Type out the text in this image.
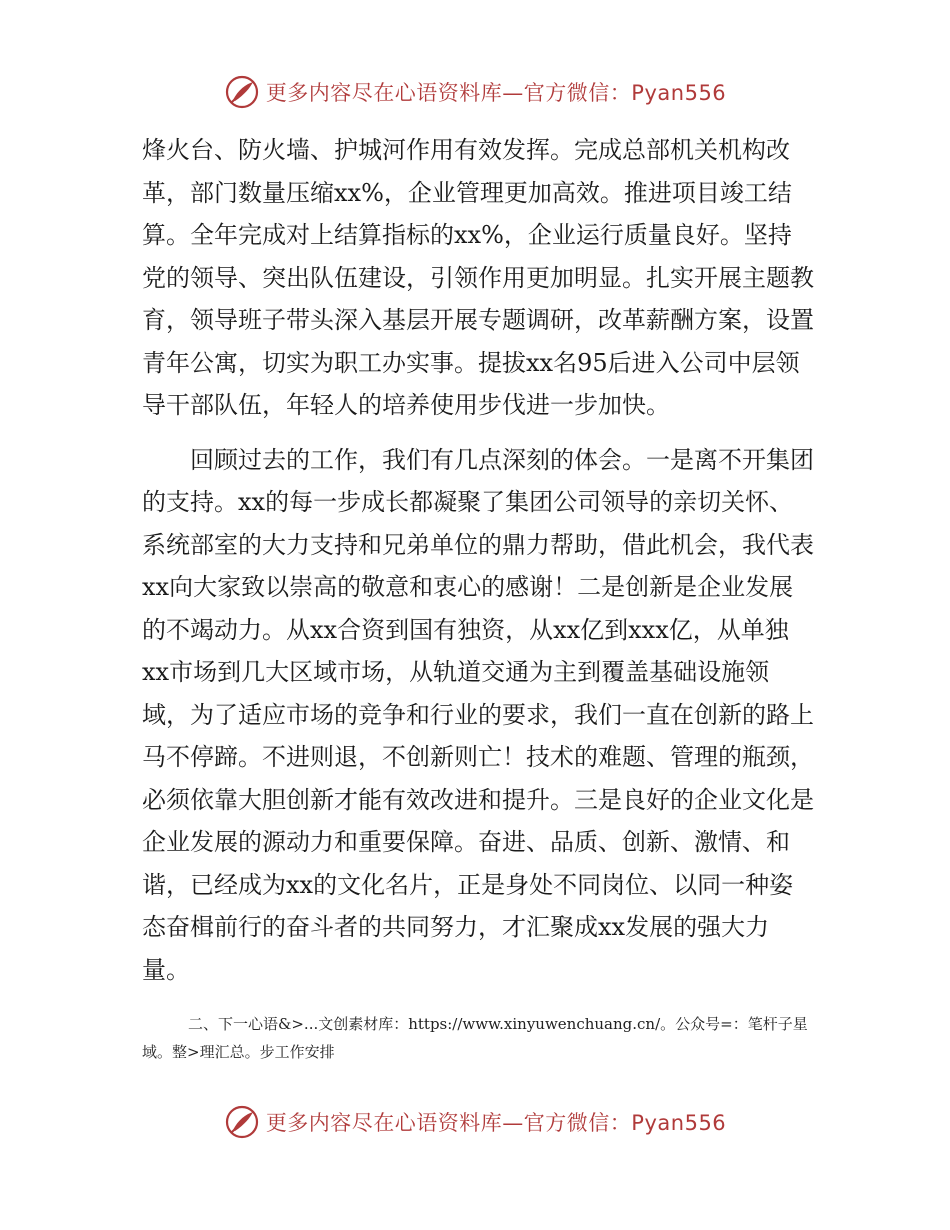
更多内容尽在心语资料库—官方微信：Pyan556

烽火台、防火墙、护城河作用有效发挥。完成总部机关机构改革，部门数量压缩xx%，企业管理更加高效。推进项目竣工结算。全年完成对上结算指标的xx%，企业运行质量良好。坚持党的领导、突出队伍建设，引领作用更加明显。扎实开展主题教育，领导班子带头深入基层开展专题调研，改革薪酬方案，设置青年公寓，切实为职工办实事。提拔xx名95后进入公司中层领导干部队伍，年轻人的培养使用步伐进一步加快。

回顾过去的工作，我们有几点深刻的体会。一是离不开集团的支持。xx的每一步成长都凝聚了集团公司领导的亲切关怀、系统部室的大力支持和兄弟单位的鼎力帮助，借此机会，我代表xx向大家致以崇高的敬意和衷心的感谢！二是创新是企业发展的不竭动力。从xx合资到国有独资，从xx亿到xxx亿，从单独xx市场到几大区域市场，从轨道交通为主到覆盖基础设施领域，为了适应市场的竞争和行业的要求，我们一直在创新的路上马不停蹄。不进则退，不创新则亡！技术的难题、管理的瓶颈，必须依靠大胆创新才能有效改进和提升。三是良好的企业文化是企业发展的源动力和重要保障。奋进、品质、创新、激情、和谐，已经成为xx的文化名片，正是身处不同岗位、以同一种姿态奋楫前行的奋斗者的共同努力，才汇聚成xx发展的强大力量。

二、下一心语&>...文创素材库：https://www.xinyuwenchuang.cn/。公众号=：笔杆子星域。整>理汇总。步工作安排

更多内容尽在心语资料库—官方微信：Pyan556
